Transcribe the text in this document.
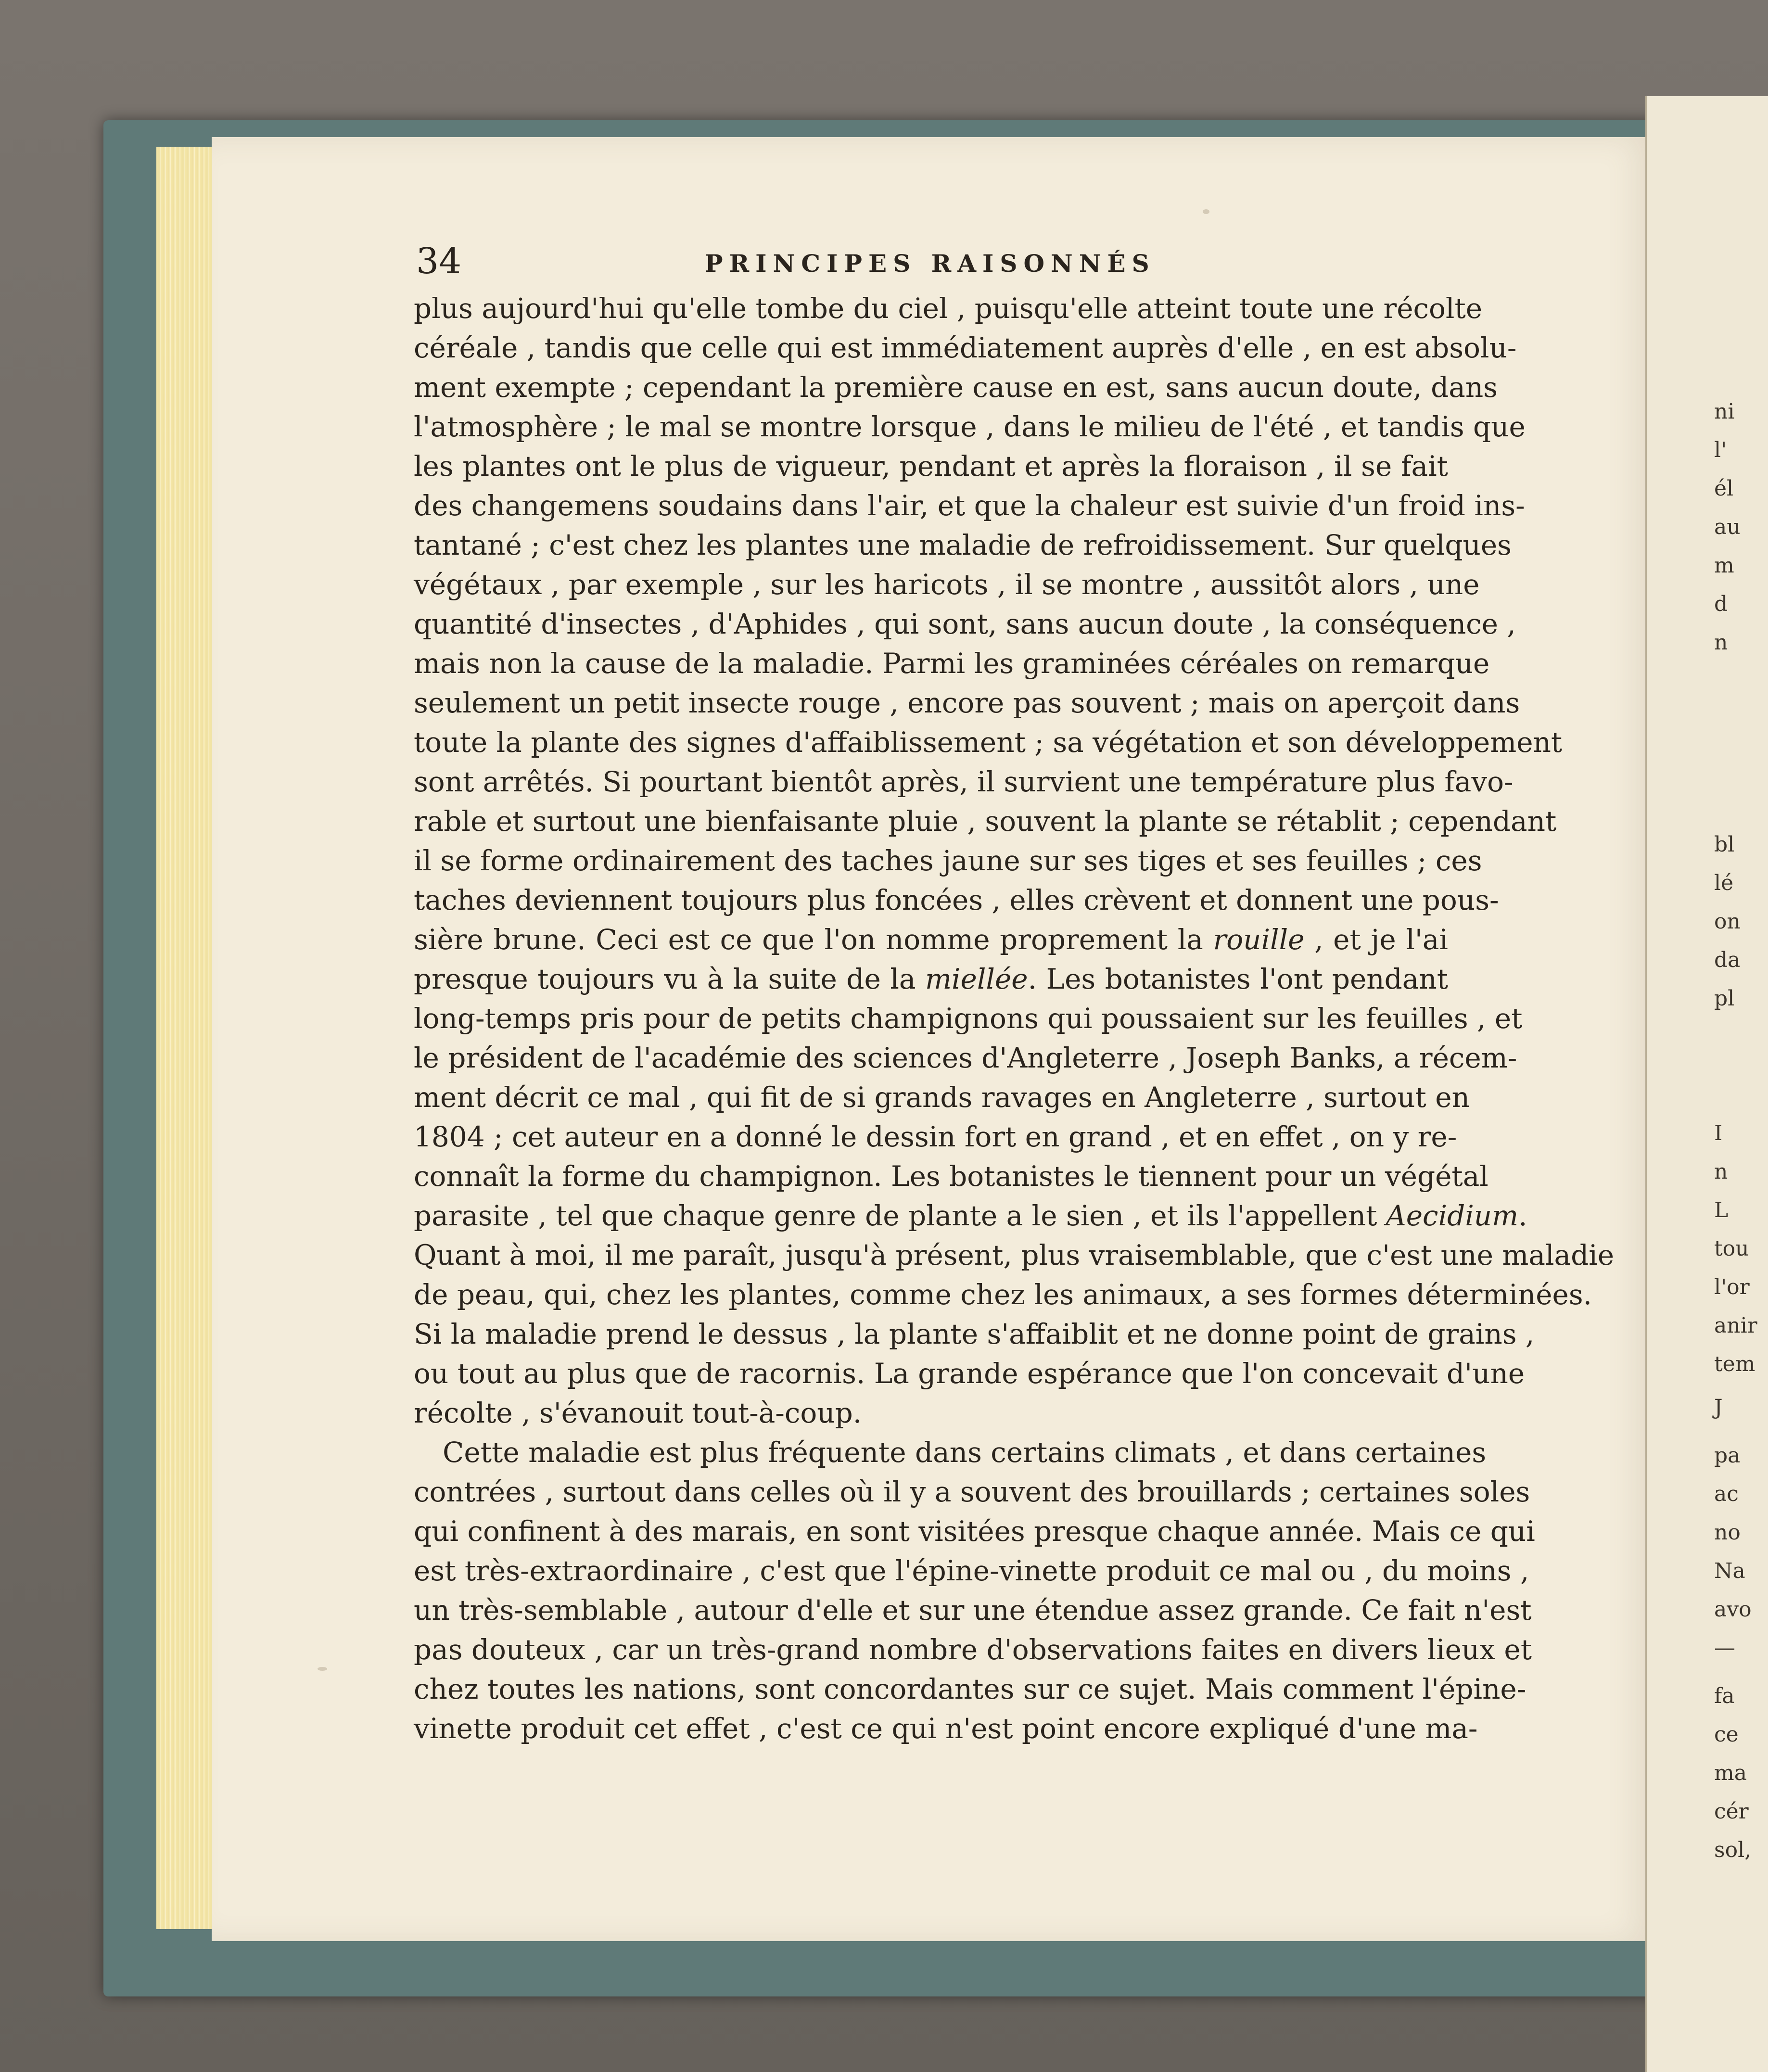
ni
l'
él
au
m
d
n
bl
lé
on
da
pl
I
n
L
tou
l'or
anir
tem
J
pa
ac
no
Na
avo
—
fa
ce
ma
cér
sol,
34	PRINCIPES RAISONNÉS
plus aujourd'hui qu'elle tombe du ciel , puisqu'elle atteint toute une récolte
céréale , tandis que celle qui est immédiatement auprès d'elle , en est absolu-
ment exempte ; cependant la première cause en est, sans aucun doute, dans
l'atmosphère ; le mal se montre lorsque , dans le milieu de l'été , et tandis que
les plantes ont le plus de vigueur, pendant et après la floraison , il se fait
des changemens soudains dans l'air, et que la chaleur est suivie d'un froid ins-
tantané ; c'est chez les plantes une maladie de refroidissement. Sur quelques
végétaux , par exemple , sur les haricots , il se montre , aussitôt alors , une
quantité d'insectes , d'Aphides , qui sont, sans aucun doute , la conséquence ,
mais non la cause de la maladie. Parmi les graminées céréales on remarque
seulement un petit insecte rouge , encore pas souvent ; mais on aperçoit dans
toute la plante des signes d'affaiblissement ; sa végétation et son développement
sont arrêtés. Si pourtant bientôt après, il survient une température plus favo-
rable et surtout une bienfaisante pluie , souvent la plante se rétablit ; cependant
il se forme ordinairement des taches jaune sur ses tiges et ses feuilles ; ces
taches deviennent toujours plus foncées , elles crèvent et donnent une pous-
sière brune. Ceci est ce que l'on nomme proprement la rouille , et je l'ai
presque toujours vu à la suite de la miellée. Les botanistes l'ont pendant
long-temps pris pour de petits champignons qui poussaient sur les feuilles , et
le président de l'académie des sciences d'Angleterre , Joseph Banks, a récem-
ment décrit ce mal , qui fit de si grands ravages en Angleterre , surtout en
1804 ; cet auteur en a donné le dessin fort en grand , et en effet , on y re-
connaît la forme du champignon. Les botanistes le tiennent pour un végétal
parasite , tel que chaque genre de plante a le sien , et ils l'appellent Aecidium
Quant à moi, il me paraît, jusqu'à présent, plus vraisemblable, que c'est une maladie
de peau, qui, chez les plantes, comme chez les animaux, a ses formes déterminées.
Si la maladie prend le dessus , la plante s'affaiblit et ne donne point de grains ,
ou tout au plus que de racornis. La grande espérance que l'on concevait d'une
récolte , s'évanouit tout-à-coup.
Cette maladie est plus fréquente dans certains climats , et dans certaines
contrées , surtout dans celles où il y a souvent des brouillards ; certaines soles
qui confinent à des marais, en sont visitées presque chaque année. Mais ce qui
est très-extraordinaire , c'est que l'épine-vinette produit ce mal ou , du moins ,
un très-semblable , autour d'elle et sur une étendue assez grande. Ce fait n'est
pas douteux , car un très-grand nombre d'observations faites en divers lieux et
chez toutes les nations, sont concordantes sur ce sujet. Mais comment l'épine-
vinette produit cet effet , c'est ce qui n'est point encore expliqué d'une ma-
